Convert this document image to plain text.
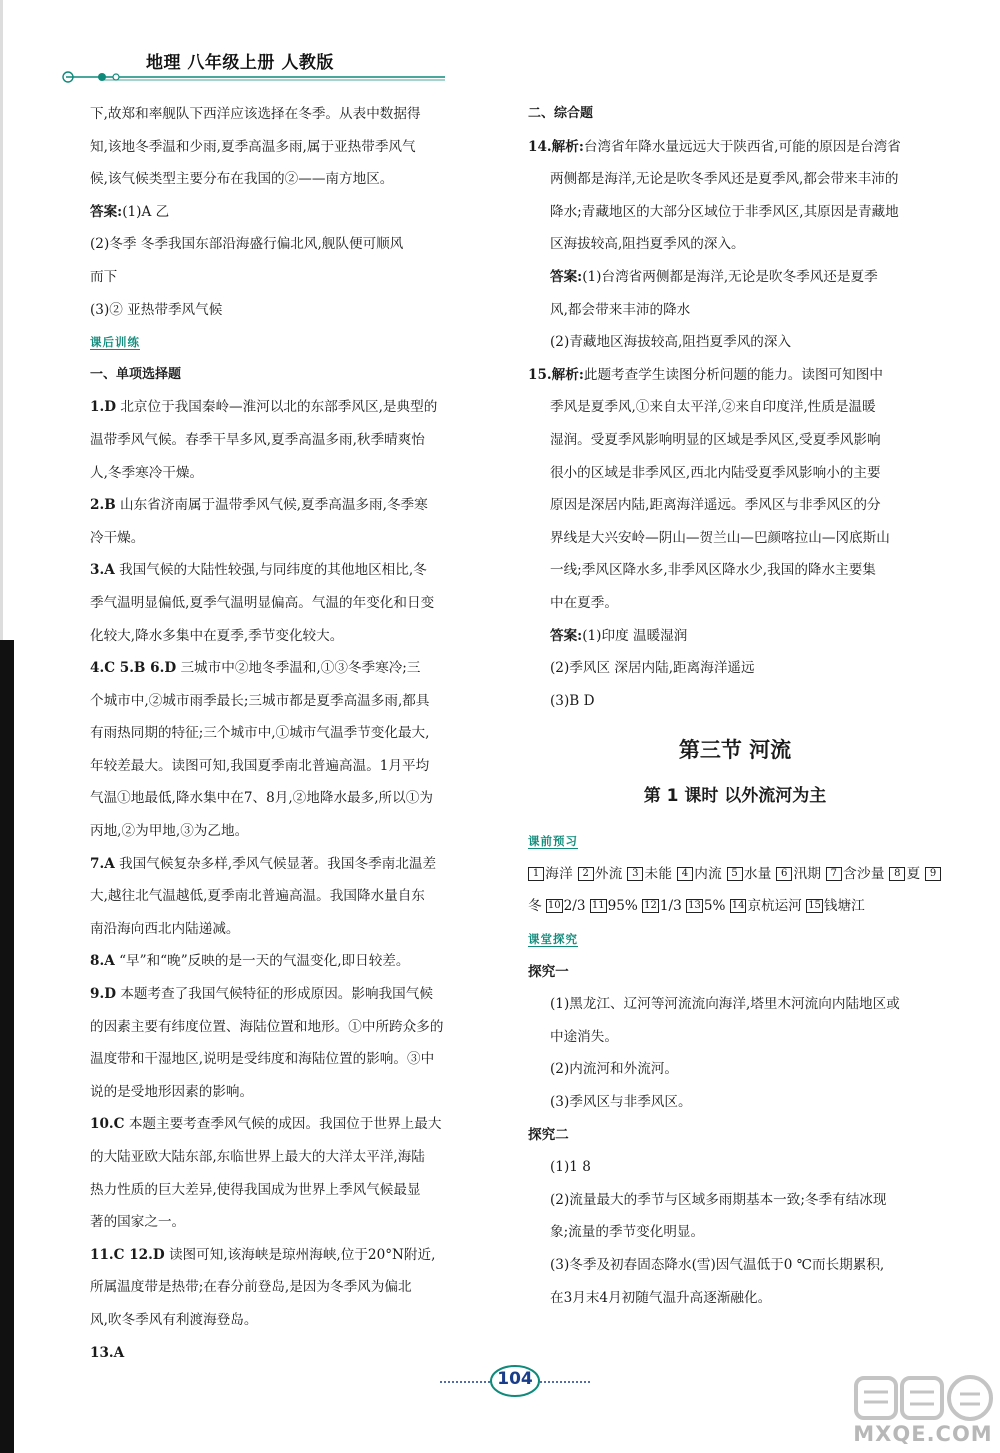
地理 八年级上册 人教版

下,故郑和率舰队下西洋应该选择在冬季。从表中数据得

知,该地冬季温和少雨,夏季高温多雨,属于亚热带季风气

候,该气候类型主要分布在我国的②——南方地区。

答案:(1)A 乙

(2)冬季 冬季我国东部沿海盛行偏北风,舰队便可顺风

而下

(3)② 亚热带季风气候

课后训练

一、单项选择题

1.D 北京位于我国秦岭—淮河以北的东部季风区,是典型的

温带季风气候。春季干旱多风,夏季高温多雨,秋季晴爽怡

人,冬季寒冷干燥。

2.B 山东省济南属于温带季风气候,夏季高温多雨,冬季寒

冷干燥。

3.A 我国气候的大陆性较强,与同纬度的其他地区相比,冬

季气温明显偏低,夏季气温明显偏高。气温的年变化和日变

化较大,降水多集中在夏季,季节变化较大。

4.C 5.B 6.D 三城市中②地冬季温和,①③冬季寒冷;三

个城市中,②城市雨季最长;三城市都是夏季高温多雨,都具

有雨热同期的特征;三个城市中,①城市气温季节变化最大,

年较差最大。读图可知,我国夏季南北普遍高温。1月平均

气温①地最低,降水集中在7、8月,②地降水最多,所以①为

丙地,②为甲地,③为乙地。

7.A 我国气候复杂多样,季风气候显著。我国冬季南北温差

大,越往北气温越低,夏季南北普遍高温。我国降水量自东

南沿海向西北内陆递减。

8.A “早”和“晚”反映的是一天的气温变化,即日较差。

9.D 本题考查了我国气候特征的形成原因。影响我国气候

的因素主要有纬度位置、海陆位置和地形。①中所跨众多的

温度带和干湿地区,说明是受纬度和海陆位置的影响。③中

说的是受地形因素的影响。

10.C 本题主要考查季风气候的成因。我国位于世界上最大

的大陆亚欧大陆东部,东临世界上最大的大洋太平洋,海陆

热力性质的巨大差异,使得我国成为世界上季风气候最显

著的国家之一。

11.C 12.D 读图可知,该海峡是琼州海峡,位于20°N附近,

所属温度带是热带;在春分前登岛,是因为冬季风为偏北

风,吹冬季风有利渡海登岛。

13.A

二、综合题

14.解析:台湾省年降水量远远大于陕西省,可能的原因是台湾省

两侧都是海洋,无论是吹冬季风还是夏季风,都会带来丰沛的

降水;青藏地区的大部分区域位于非季风区,其原因是青藏地

区海拔较高,阻挡夏季风的深入。

答案:(1)台湾省两侧都是海洋,无论是吹冬季风还是夏季

风,都会带来丰沛的降水

(2)青藏地区海拔较高,阻挡夏季风的深入

15.解析:此题考查学生读图分析问题的能力。读图可知图中

季风是夏季风,①来自太平洋,②来自印度洋,性质是温暖

湿润。受夏季风影响明显的区域是季风区,受夏季风影响

很小的区域是非季风区,西北内陆受夏季风影响小的主要

原因是深居内陆,距离海洋遥远。季风区与非季风区的分

界线是大兴安岭—阴山—贺兰山—巴颜喀拉山—冈底斯山

一线;季风区降水多,非季风区降水少,我国的降水主要集

中在夏季。

答案:(1)印度 温暖湿润

(2)季风区 深居内陆,距离海洋遥远

(3)B D

第三节 河流
第 1 课时 以外流河为主

课前预习

1 海洋 2 外流 3 未能 4 内流 5 水量 6 汛期 7 含沙量 8 夏 9冬 10 2/3 11 95% 12 1/3 13 5% 14 京杭运河 15 钱塘江

课堂探究

探究一

(1)黑龙江、辽河等河流流向海洋,塔里木河流向内陆地区或

中途消失。

(2)内流河和外流河。

(3)季风区与非季风区。

探究二

(1)1 8

(2)流量最大的季节与区域多雨期基本一致;冬季有结冰现

象;流量的季节变化明显。

(3)冬季及初春固态降水(雪)因气温低于0 ℃而长期累积,

在3月末4月初随气温升高逐渐融化。

104
MXQE.COM
